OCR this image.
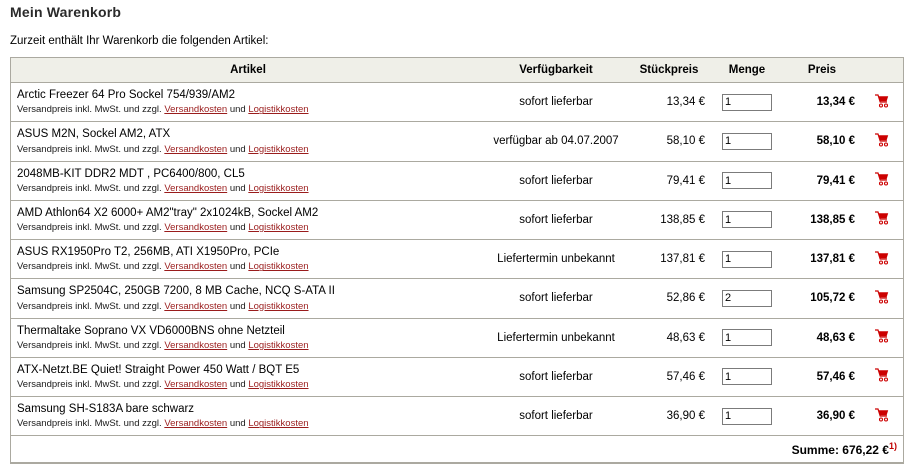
Mein Warenkorb
Zurzeit enthält Ihr Warenkorb die folgenden Artikel:
Artikel	Verfügbarkeit	Stückpreis	Menge	Preis	

Arctic Freezer 64 Pro Sockel 754/939/AM2
Versandpreis inkl. MwSt. und zzgl. Versandkosten und Logistikkosten	sofort lieferbar	13,34 €	1	13,34 €	

ASUS M2N, Sockel AM2, ATX
Versandpreis inkl. MwSt. und zzgl. Versandkosten und Logistikkosten	verfügbar ab 04.07.2007	58,10 €	1	58,10 €	

2048MB-KIT DDR2 MDT , PC6400/800, CL5
Versandpreis inkl. MwSt. und zzgl. Versandkosten und Logistikkosten	sofort lieferbar	79,41 €	1	79,41 €	

AMD Athlon64 X2 6000+ AM2"tray" 2x1024kB, Sockel AM2
Versandpreis inkl. MwSt. und zzgl. Versandkosten und Logistikkosten	sofort lieferbar	138,85 €	1	138,85 €	

ASUS RX1950Pro T2, 256MB, ATI X1950Pro, PCIe
Versandpreis inkl. MwSt. und zzgl. Versandkosten und Logistikkosten	Liefertermin unbekannt	137,81 €	1	137,81 €	

Samsung SP2504C, 250GB 7200, 8 MB Cache, NCQ S-ATA II
Versandpreis inkl. MwSt. und zzgl. Versandkosten und Logistikkosten	sofort lieferbar	52,86 €	2	105,72 €	

Thermaltake Soprano VX VD6000BNS ohne Netzteil
Versandpreis inkl. MwSt. und zzgl. Versandkosten und Logistikkosten	Liefertermin unbekannt	48,63 €	1	48,63 €	

ATX-Netzt.BE Quiet! Straight Power 450 Watt / BQT E5
Versandpreis inkl. MwSt. und zzgl. Versandkosten und Logistikkosten	sofort lieferbar	57,46 €	1	57,46 €	

Samsung SH-S183A bare schwarz
Versandpreis inkl. MwSt. und zzgl. Versandkosten und Logistikkosten	sofort lieferbar	36,90 €	1	36,90 €	

Summe: 676,22 €$^{1)}$
